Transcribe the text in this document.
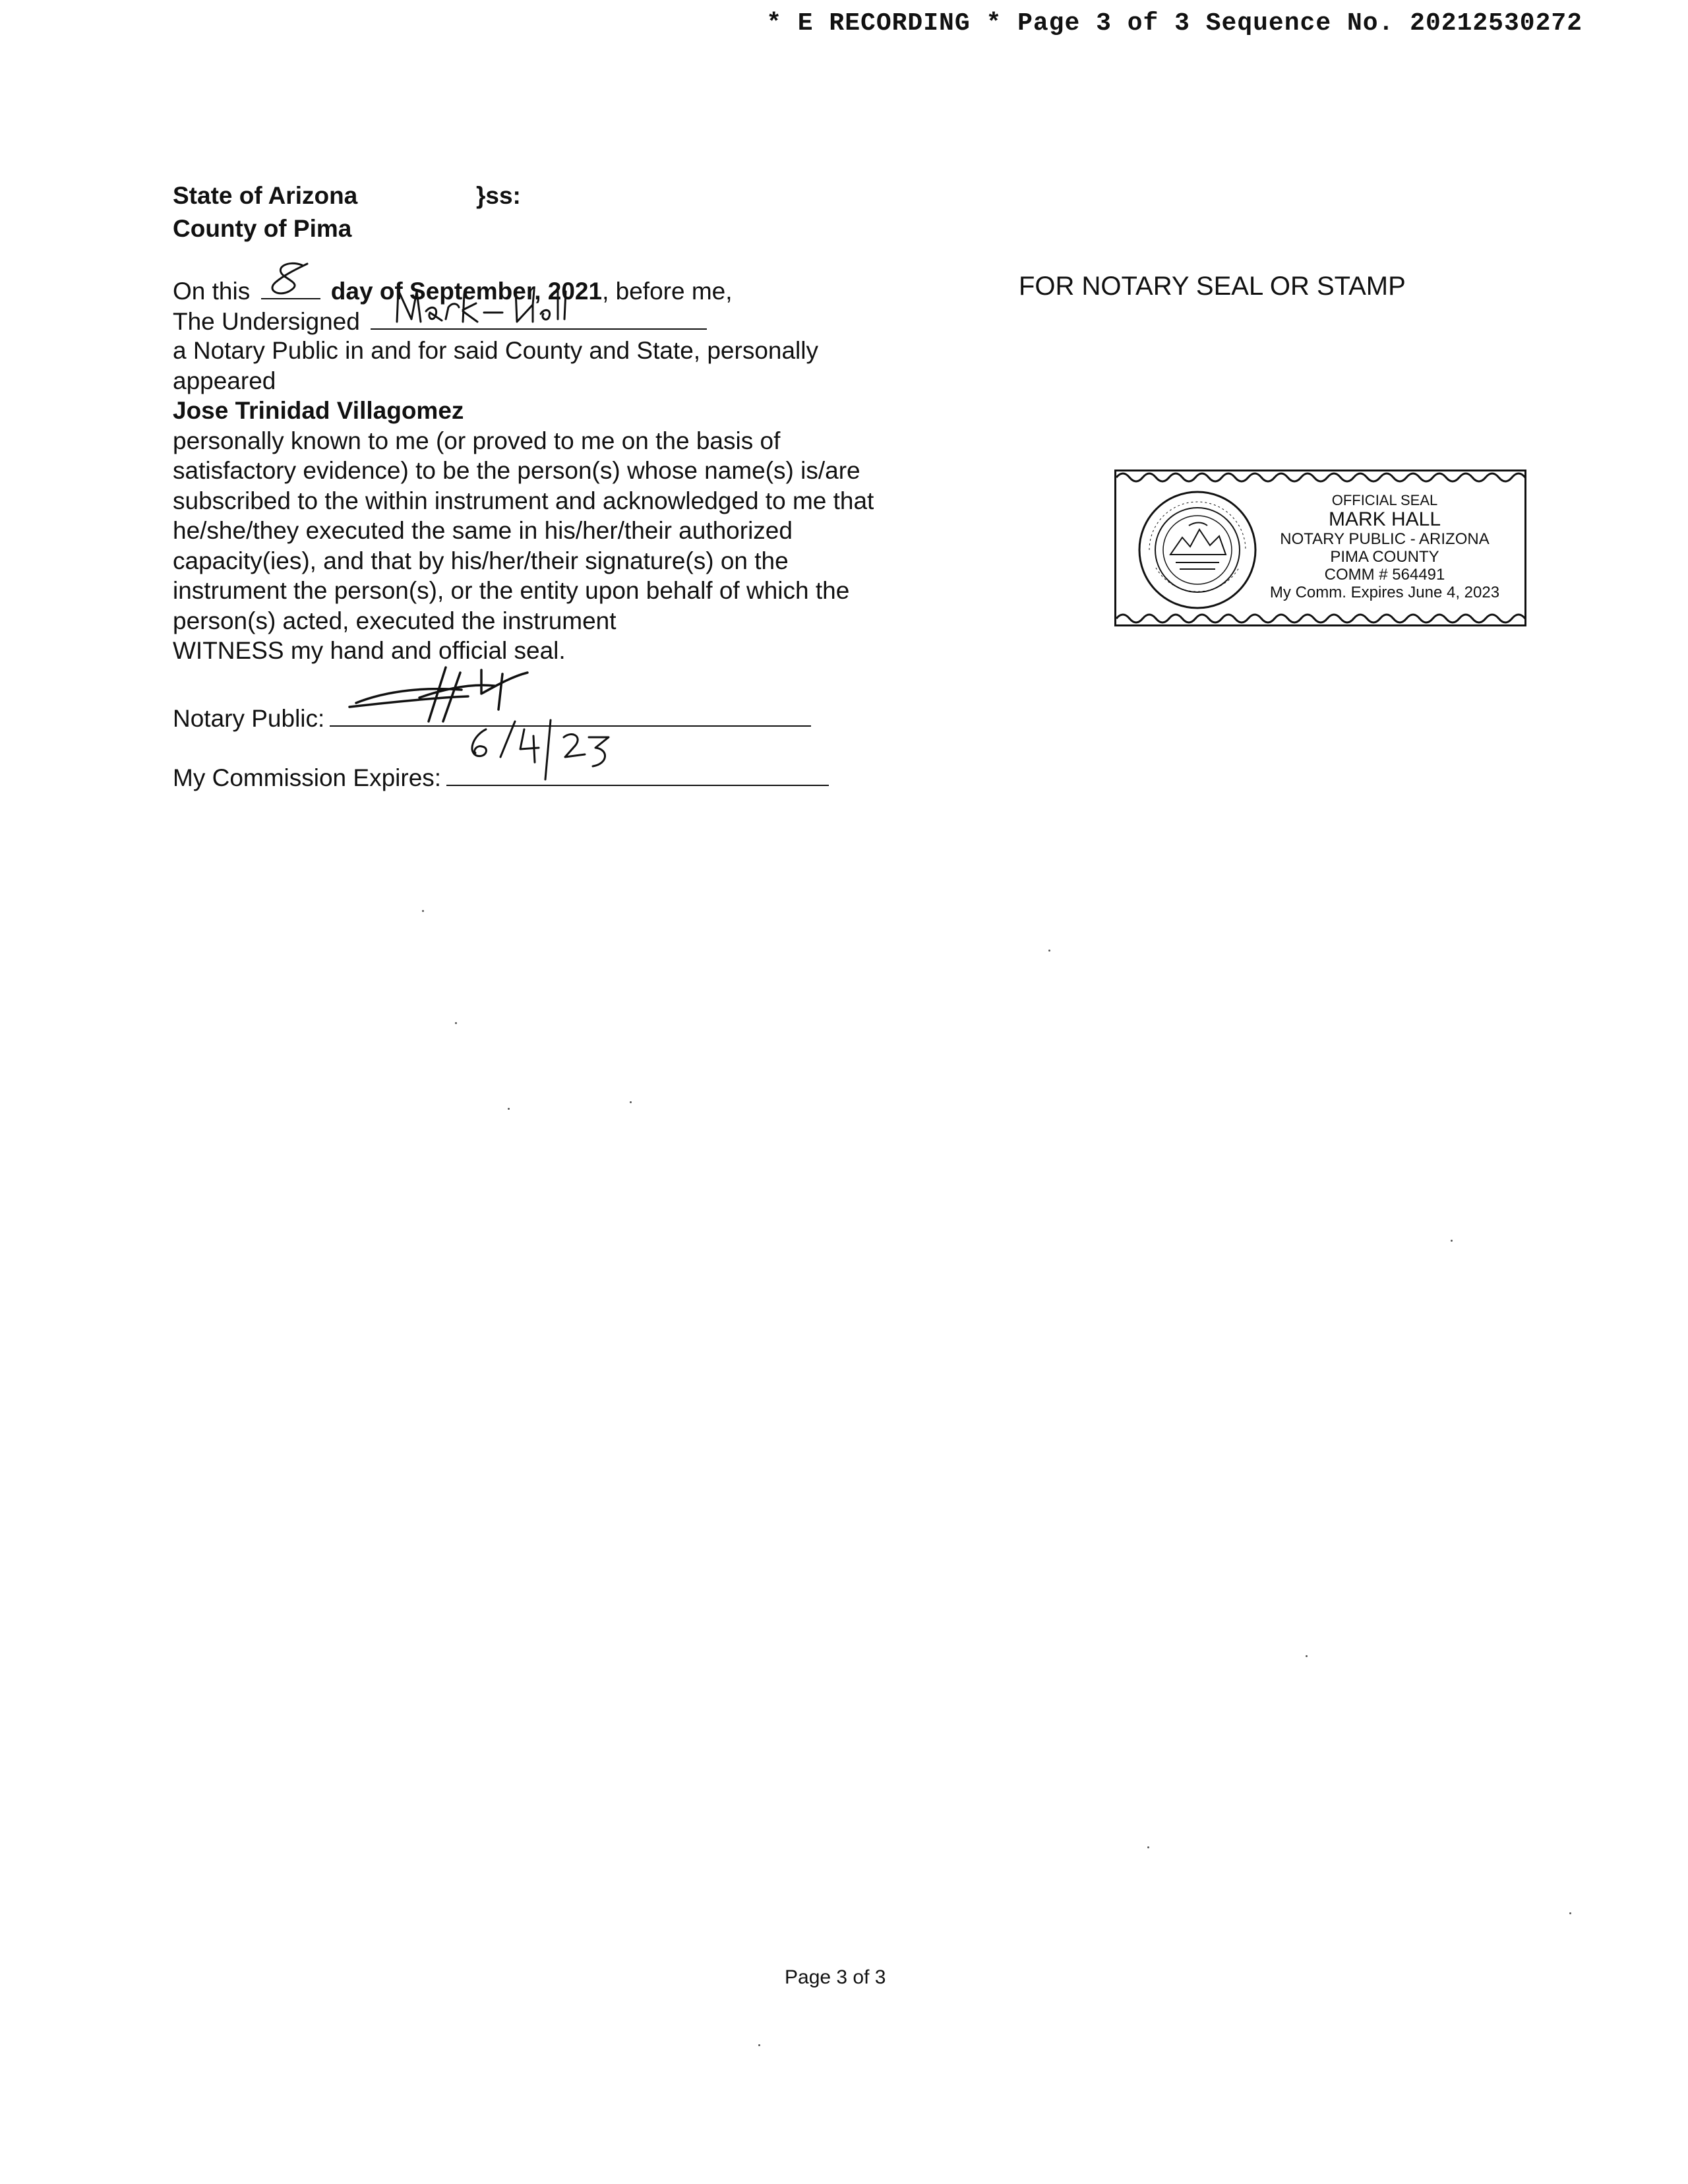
* E RECORDING * Page 3 of 3 Sequence No. 20212530272
State of Arizona	}ss:
County of Pima
FOR NOTARY SEAL OR STAMP
On this	day of September, 2021, before me,
The Undersigned
a Notary Public in and for said County and State, personally
appeared
Jose Trinidad Villagomez
personally known to me (or proved to me on the basis of
satisfactory evidence) to be the person(s) whose name(s) is/are
subscribed to the within instrument and acknowledged to me that
he/she/they executed the same in his/her/their authorized
capacity(ies), and that by his/her/their signature(s) on the
instrument the person(s), or the entity upon behalf of which the
person(s) acted, executed the instrument
WITNESS my hand and official seal.
Notary Public:
My Commission Expires:
OFFICIAL SEAL
MARK HALL
NOTARY PUBLIC - ARIZONA
PIMA COUNTY
COMM # 564491
My Comm. Expires June 4, 2023
Page 3 of 3
